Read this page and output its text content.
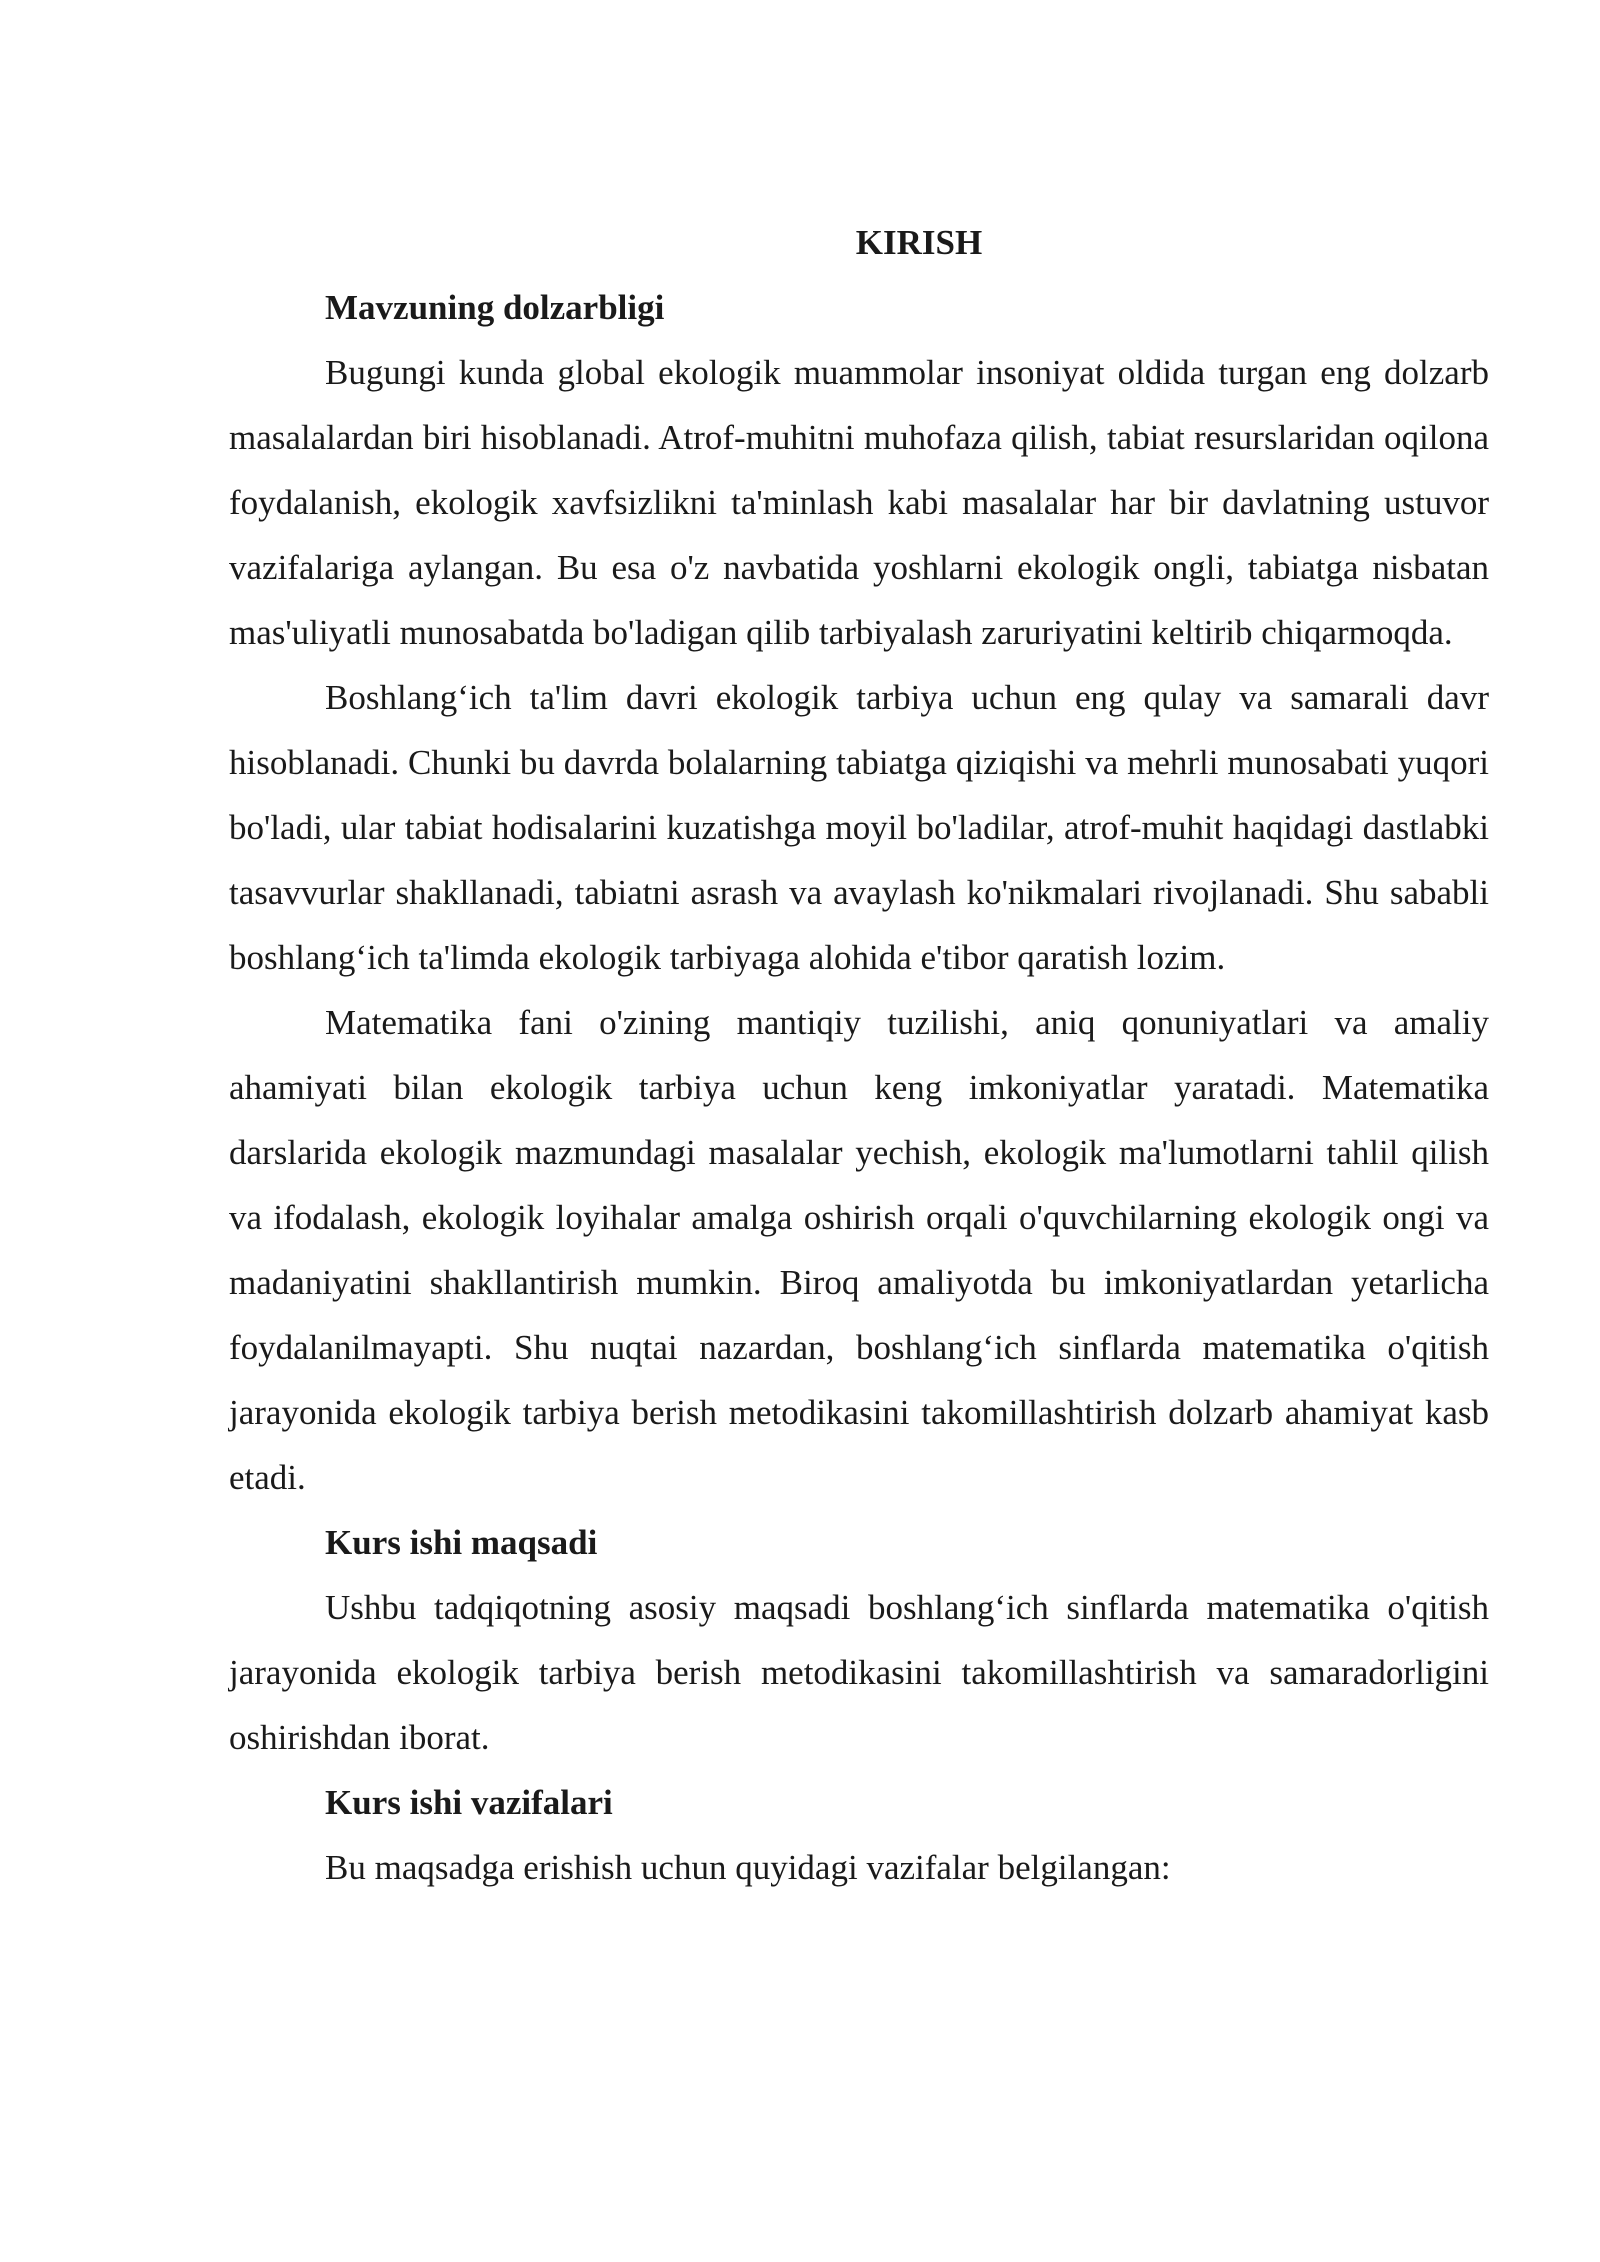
KIRISH
Mavzuning dolzarbligi

Bugungi kunda global ekologik muammolar insoniyat oldida turgan eng dolzarb masalalardan biri hisoblanadi. Atrof-muhitni muhofaza qilish, tabiat resurslaridan oqilona foydalanish, ekologik xavfsizlikni ta'minlash kabi masalalar har bir davlatning ustuvor vazifalariga aylangan. Bu esa o'z navbatida yoshlarni ekologik ongli, tabiatga nisbatan mas'uliyatli munosabatda bo'ladigan qilib tarbiyalash zaruriyatini keltirib chiqarmoqda.

Boshlang‘ich ta'lim davri ekologik tarbiya uchun eng qulay va samarali davr hisoblanadi. Chunki bu davrda bolalarning tabiatga qiziqishi va mehrli munosabati yuqori bo'ladi, ular tabiat hodisalarini kuzatishga moyil bo'ladilar, atrof-muhit haqidagi dastlabki tasavvurlar shakllanadi, tabiatni asrash va avaylash ko'nikmalari rivojlanadi. Shu sababli boshlang‘ich ta'limda ekologik tarbiyaga alohida e'tibor qaratish lozim.

Matematika fani o'zining mantiqiy tuzilishi, aniq qonuniyatlari va amaliy ahamiyati bilan ekologik tarbiya uchun keng imkoniyatlar yaratadi. Matematika darslarida ekologik mazmundagi masalalar yechish, ekologik ma'lumotlarni tahlil qilish va ifodalash, ekologik loyihalar amalga oshirish orqali o'quvchilarning ekologik ongi va madaniyatini shakllantirish mumkin. Biroq amaliyotda bu imkoniyatlardan yetarlicha foydalanilmayapti. Shu nuqtai nazardan, boshlang‘ich sinflarda matematika o'qitish jarayonida ekologik tarbiya berish metodikasini takomillashtirish dolzarb ahamiyat kasb etadi.

Kurs ishi maqsadi

Ushbu tadqiqotning asosiy maqsadi boshlang‘ich sinflarda matematika o'qitish jarayonida ekologik tarbiya berish metodikasini takomillashtirish va samaradorligini oshirishdan iborat.

Kurs ishi vazifalari

Bu maqsadga erishish uchun quyidagi vazifalar belgilangan:
